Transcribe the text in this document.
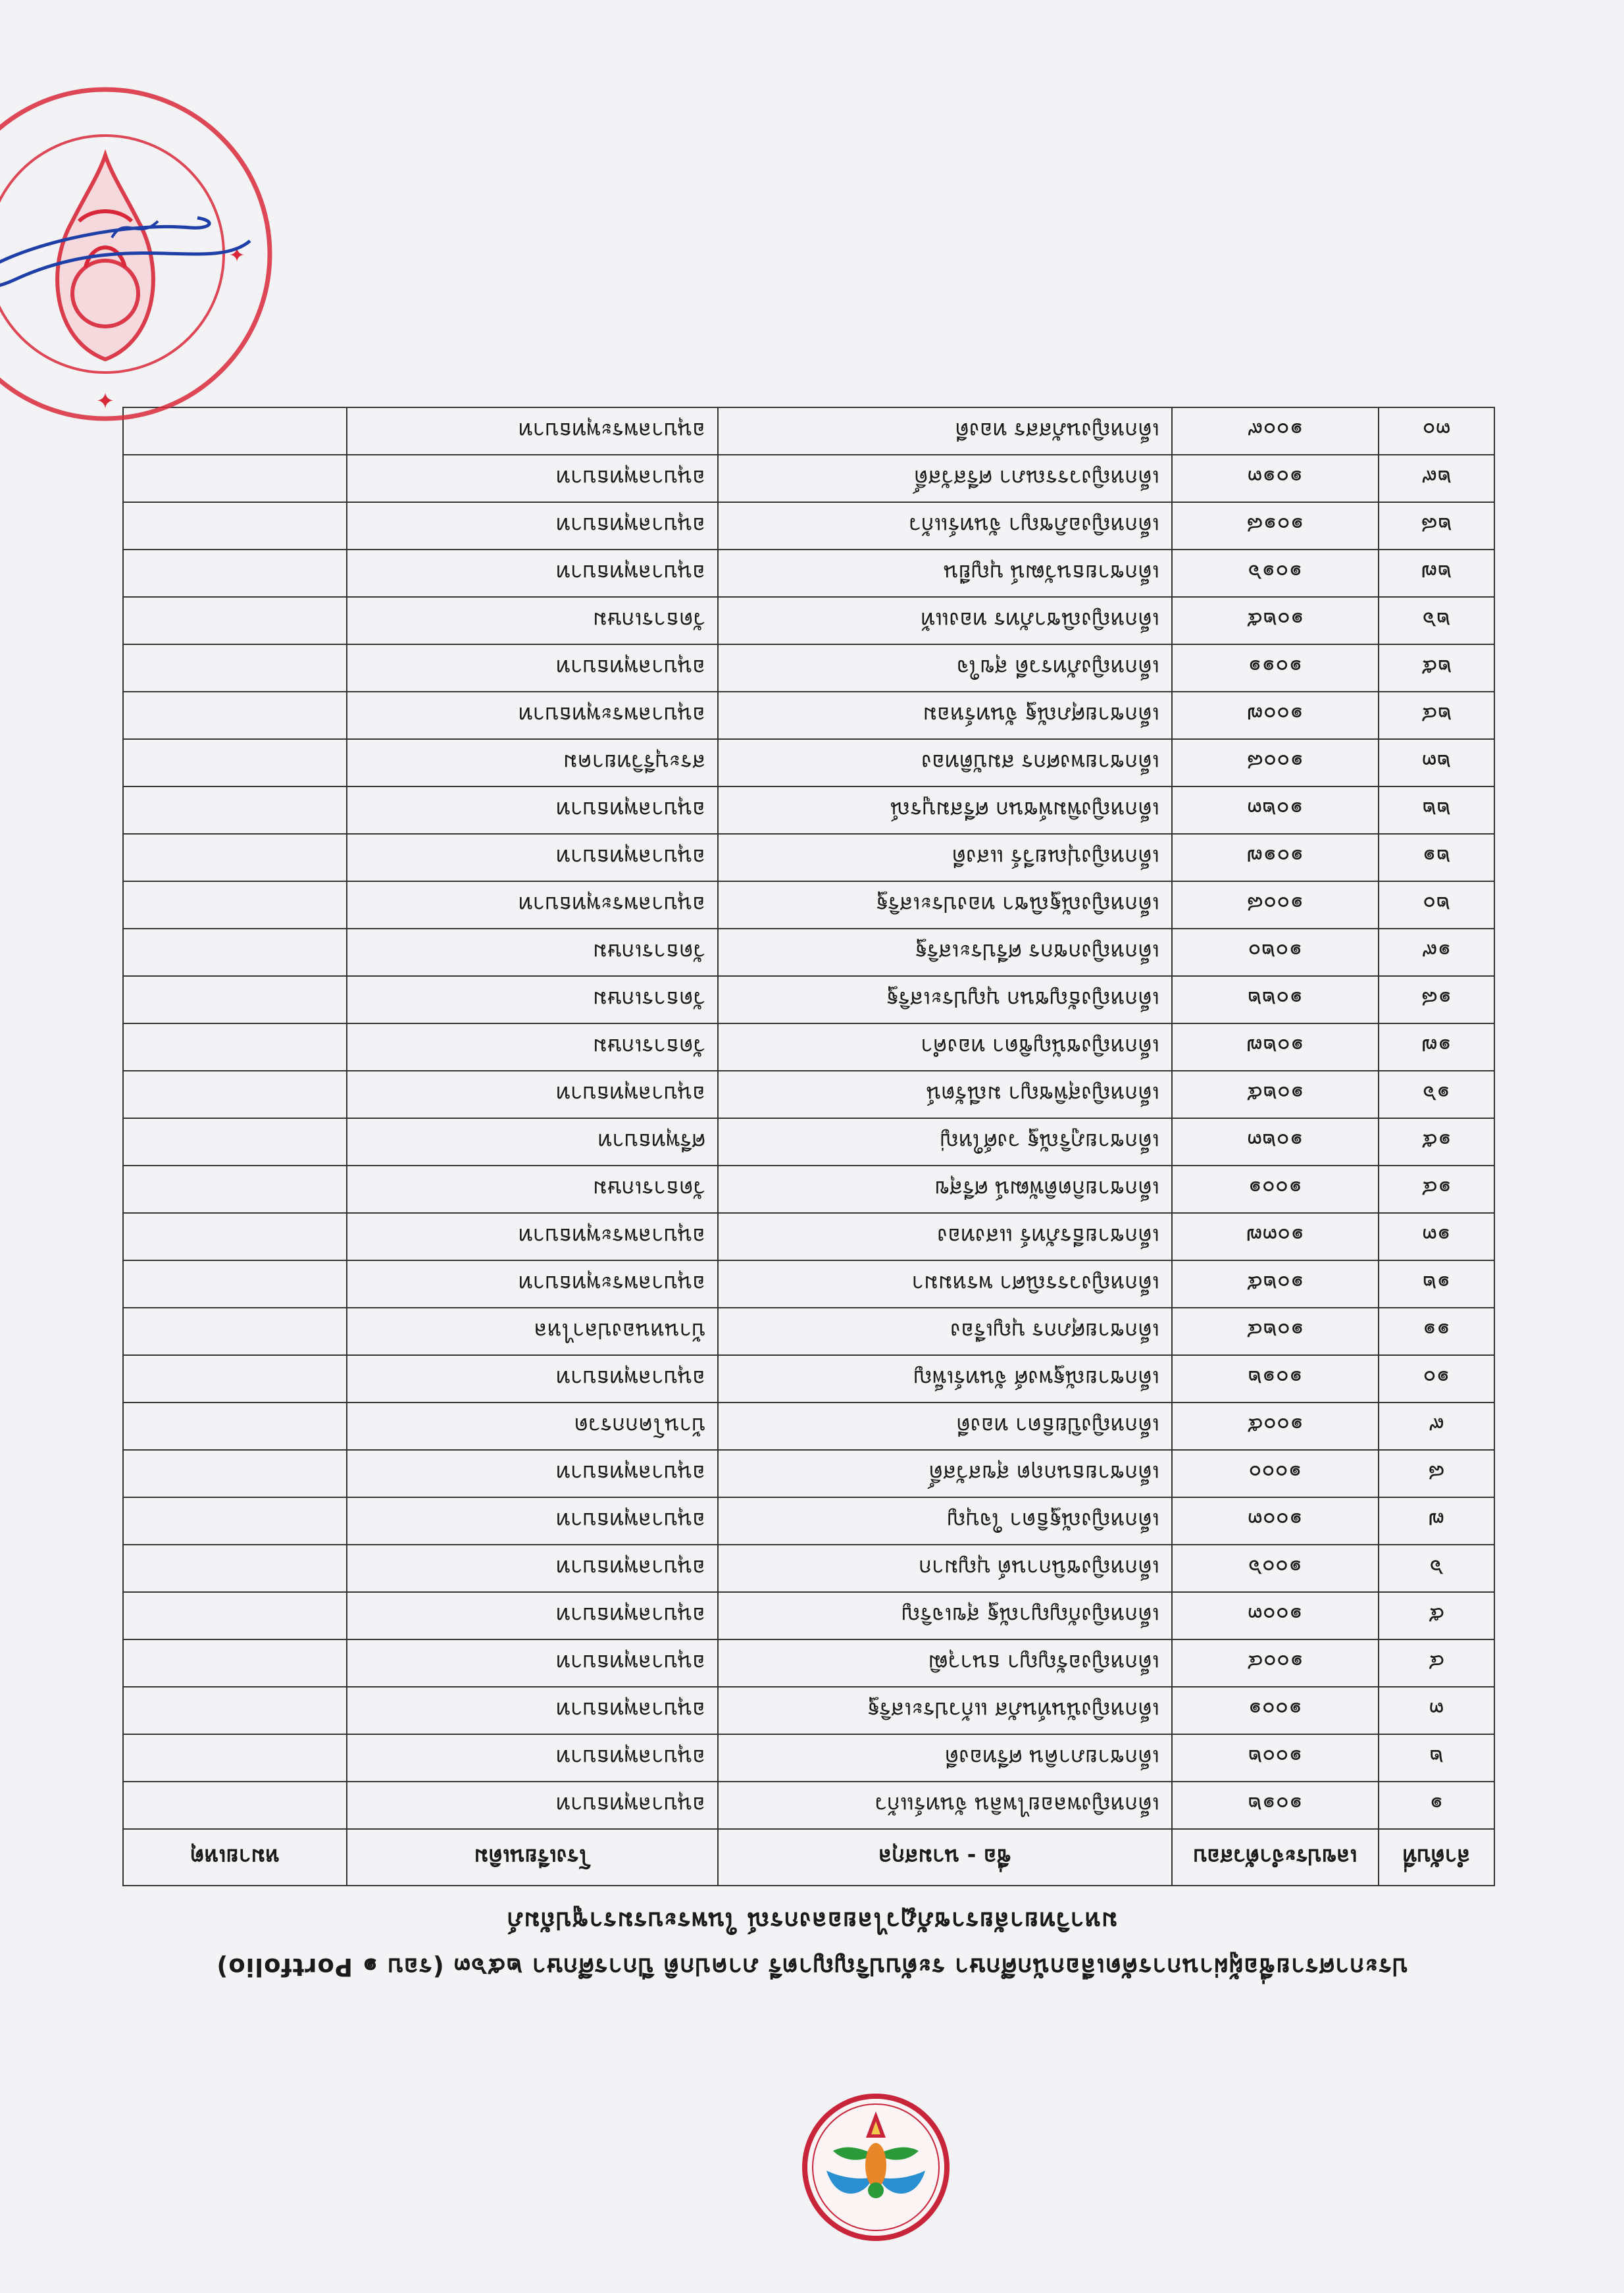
ประกาศรายชื่อผู้ผ่านการคัดเลือกนักศึกษา ระดับปริญญาตรี ภาคปกติ ปีการศึกษา ๒๕๖๓ (รอบ ๑ Portfolio)
มหาวิทยาลัยราชภัฏวไลยอลงกรณ์ ในพระบรมราชูปถัมภ์
ลำดับที่	เลขประจำตัวสอบ	ชื่อ - นามสกุล	โรงเรียนเดิม	หมายเหตุ
๑	๑๐๑๒	เด็กหญิงพลอยไพลิน จันทร์แก้ว	อนุบาลพุทธบาท	
๒	๑๐๐๒	เด็กชายภาคิน ศรีทองดี	อนุบาลพุทธบาท	
๓	๑๐๐๑	เด็กหญิงนันท์นภัส แก้วประเสริฐ	อนุบาลพุทธบาท	
๔	๑๐๐๔	เด็กหญิงอรัญญา ธนาวุฒิ	อนุบาลพุทธบาท	
๕	๑๐๐๓	เด็กหญิงกัญญาณัฐ สุขเจริญ	อนุบาลพุทธบาท	
๖	๑๐๐๖	เด็กหญิงชนิกานต์ บุญมาก	อนุบาลพุทธบาท	
๗	๑๐๐๓	เด็กหญิงณัฐธิดา ใจบุญ	อนุบาลพุทธบาท	
๘	๑๐๐๐	เด็กชายธนกฤต สุขสวัสดิ์	อนุบาลพุทธบาท	
๙	๑๐๐๕	เด็กหญิงปิยธิดา ทองดี	บ้านโคกกรวด	
๑๐	๑๐๑๒	เด็กชายณัฐพงศ์ จันทร์เพ็ญ	อนุบาลพุทธบาท	
๑๑	๑๐๒๔	เด็กชายศุภกร บุญเรือง	บ้านหนองปลาไหล	
๑๒	๑๐๒๕	เด็กหญิงวรรณิศา พรหมมา	อนุบาลพระพุทธบาท	
๑๓	๑๐๓๗	เด็กชายธีรภัทร์ แสงทอง	อนุบาลพระพุทธบาท	
๑๔	๑๐๐๑	เด็กชายกิตติพัฒน์ ศรีสุข	วัดธารเกษม	
๑๕	๑๐๒๓	เด็กชายภูริณัฐ วงศ์ใหญ่	ศรีพุทธบาท	
๑๖	๑๐๒๕	เด็กหญิงสุพิชญา มณีรัตน์	อนุบาลพุทธบาท	
๑๗	๑๐๒๗	เด็กหญิงชนัญชิดา ทองคำ	วัดธารเกษม	
๑๘	๑๐๒๒	เด็กหญิงธัญชนก บุญประเสริฐ	วัดธารเกษม	
๑๙	๑๐๒๐	เด็กหญิงกชกร ศรีประเสริฐ	วัดธารเกษม	
๒๐	๑๐๐๘	เด็กหญิงณัฐณิชา ทองประเสริฐ	อนุบาลพระพุทธบาท	
๒๑	๑๐๑๗	เด็กหญิงปุณยวีร์ แสงดี	อนุบาลพุทธบาท	
๒๒	๑๐๒๓	เด็กหญิงพิมพ์ชนก ศรีสมบูรณ์	อนุบาลพุทธบาท	
๒๓	๑๐๐๘	เด็กชายพงศกร สมบัติทอง	สระบุรีวิทยาคม	
๒๔	๑๐๐๗	เด็กชายศุภณัฐ จันทร์หอม	อนุบาลพระพุทธบาท	
๒๕	๑๐๑๑	เด็กหญิงภัทรวดี สุขใจ	อนุบาลพุทธบาท	
๒๖	๑๐๒๕	เด็กหญิงณิชาภัทร ทองแท้	วัดธารเกษม	
๒๗	๑๐๑๖	เด็กชายธนวัฒน์ บุญยืน	อนุบาลพุทธบาท	
๒๘	๑๐๑๘	เด็กหญิงอภิชญา จันทร์แก้ว	อนุบาลพุทธบาท	
๒๙	๑๐๑๓	เด็กหญิงวรรณภา ศรีสวัสดิ์	อนุบาลพุทธบาท	
๓๐	๑๐๐๙	เด็กหญิงนภัสสร ทองดี	อนุบาลพระพุทธบาท	
✦
✦
